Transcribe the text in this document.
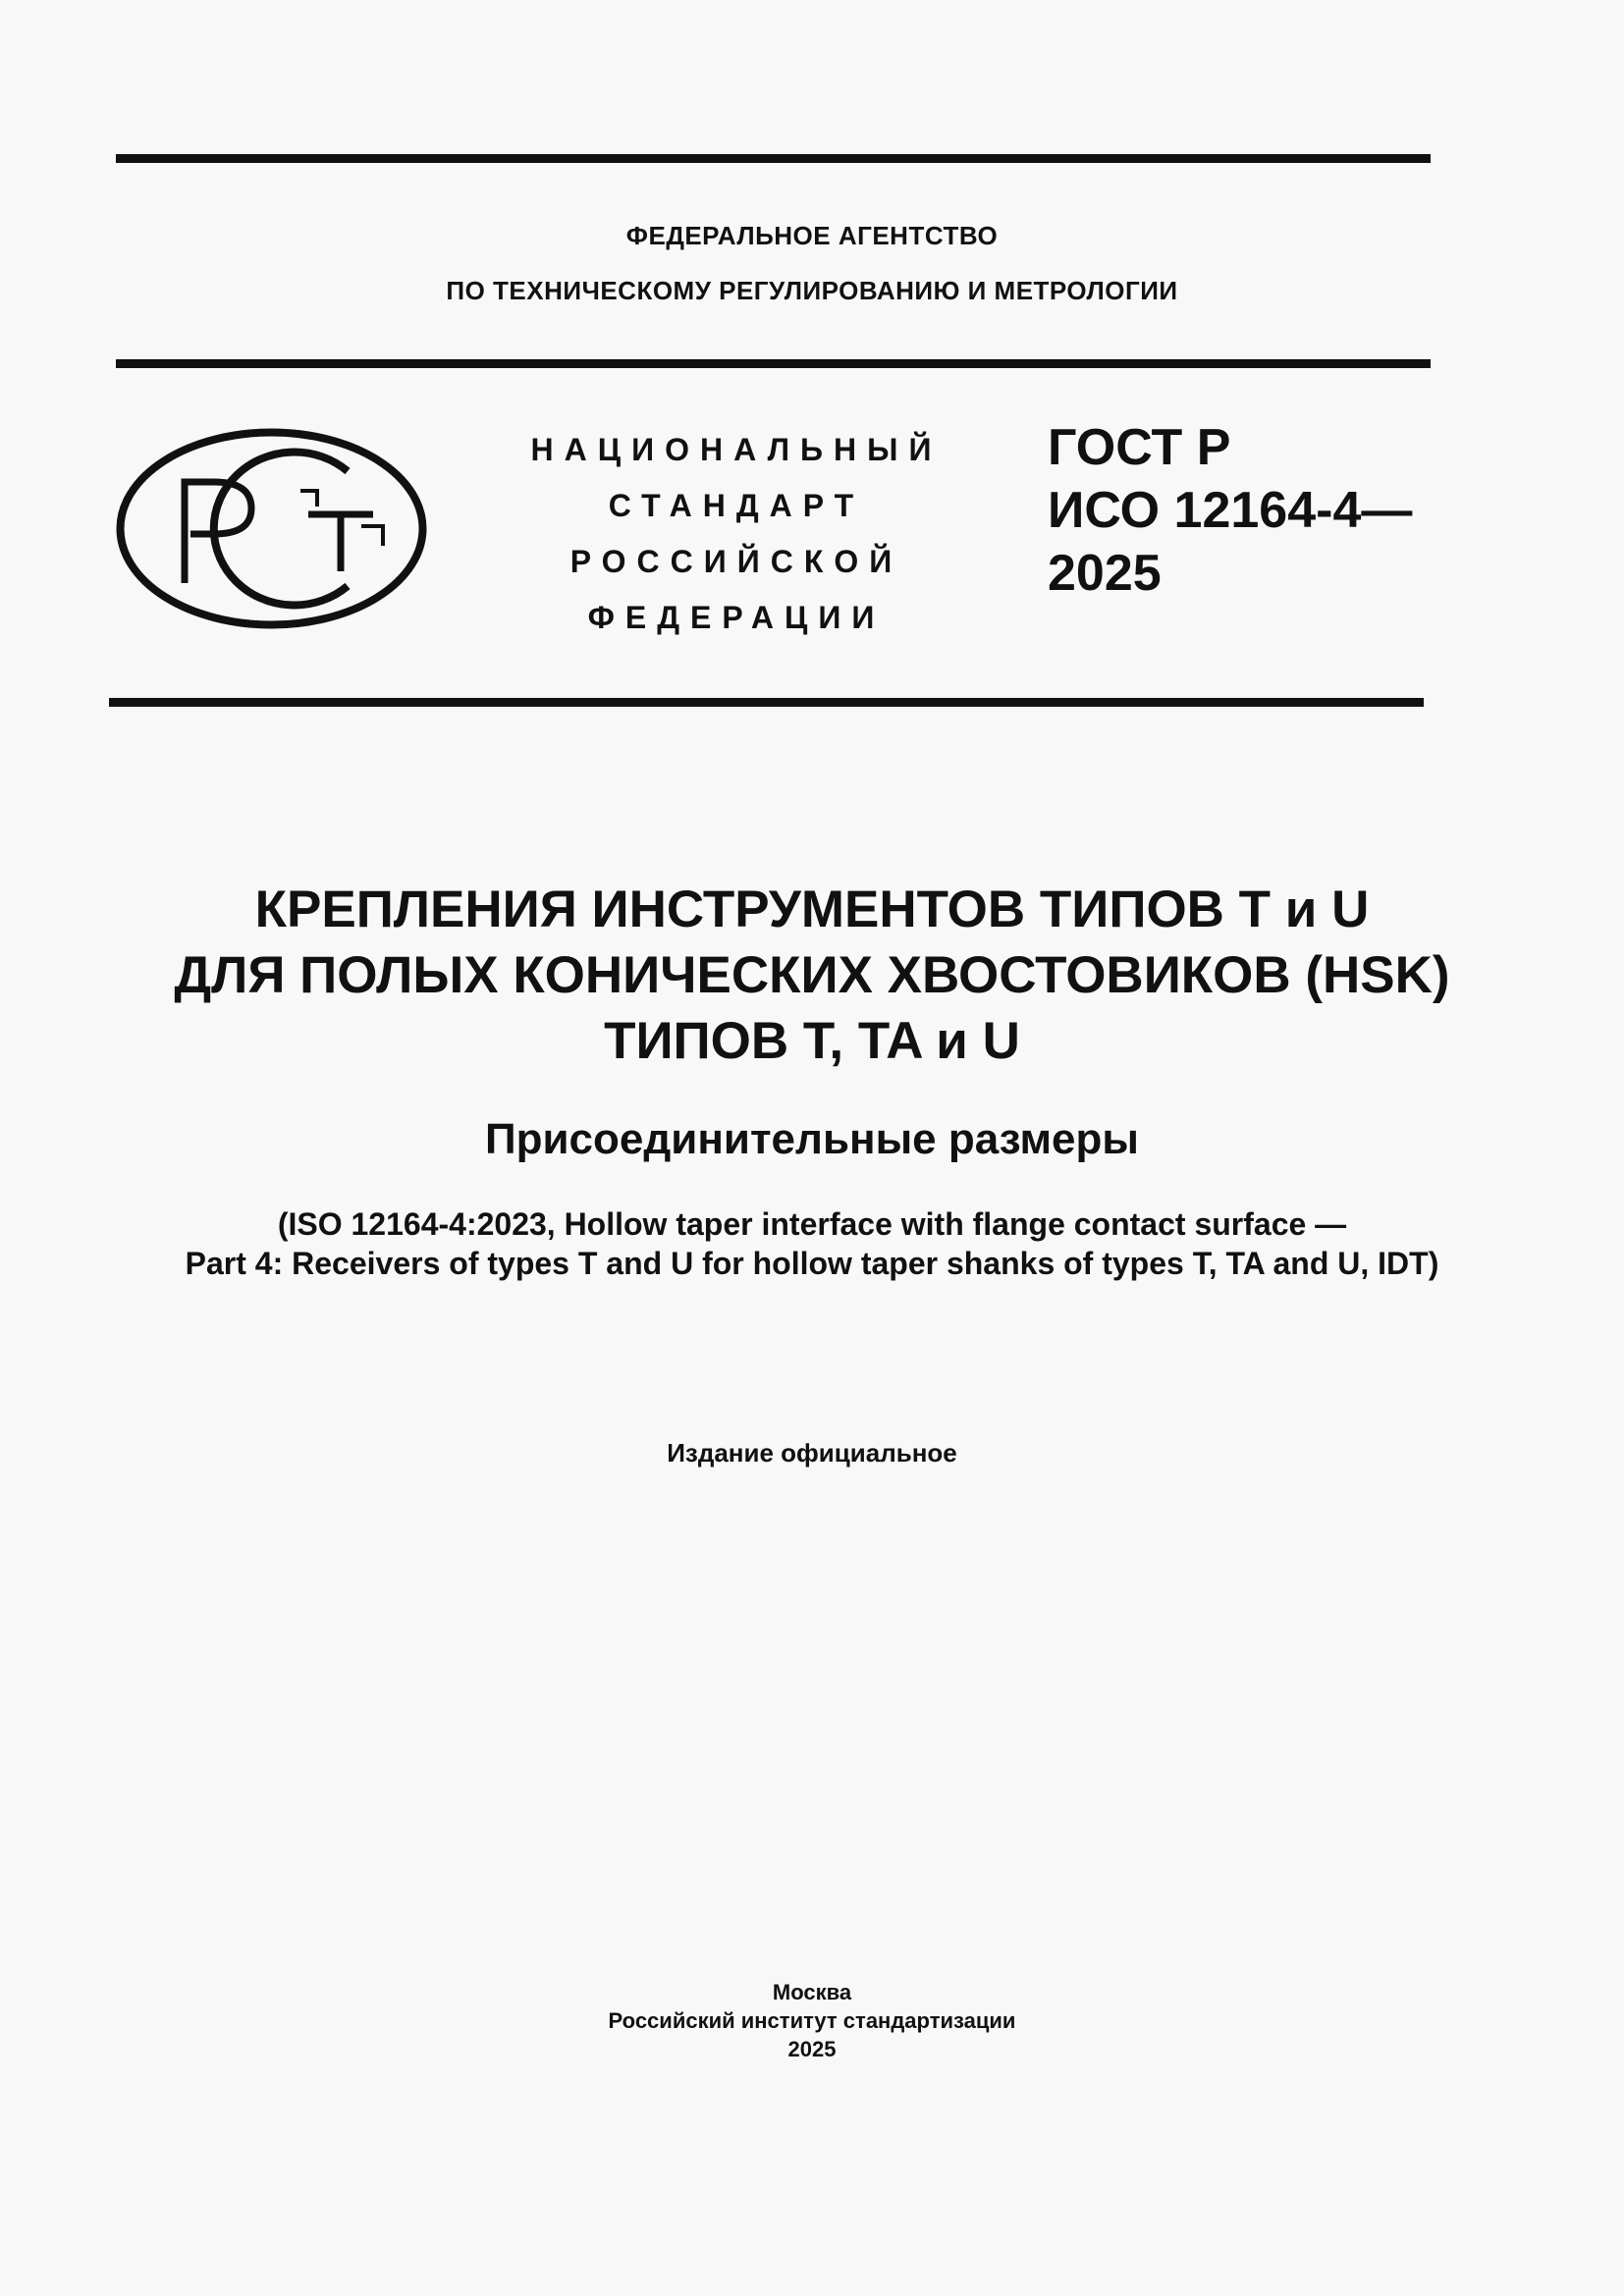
ФЕДЕРАЛЬНОЕ АГЕНТСТВО
ПО ТЕХНИЧЕСКОМУ РЕГУЛИРОВАНИЮ И МЕТРОЛОГИИ
НАЦИОНАЛЬНЫЙ
СТАНДАРТ
РОССИЙСКОЙ
ФЕДЕРАЦИИ
ГОСТ Р
ИСО 12164-4—
2025
КРЕПЛЕНИЯ ИНСТРУМЕНТОВ ТИПОВ T и U
ДЛЯ ПОЛЫХ КОНИЧЕСКИХ ХВОСТОВИКОВ (HSK)
ТИПОВ T, TA и U
Присоединительные размеры
(ISO 12164-4:2023, Hollow taper interface with flange contact surface —
Part 4: Receivers of types T and U for hollow taper shanks of types T, TA and U, IDT)
Издание официальное
Москва
Российский институт стандартизации
2025
